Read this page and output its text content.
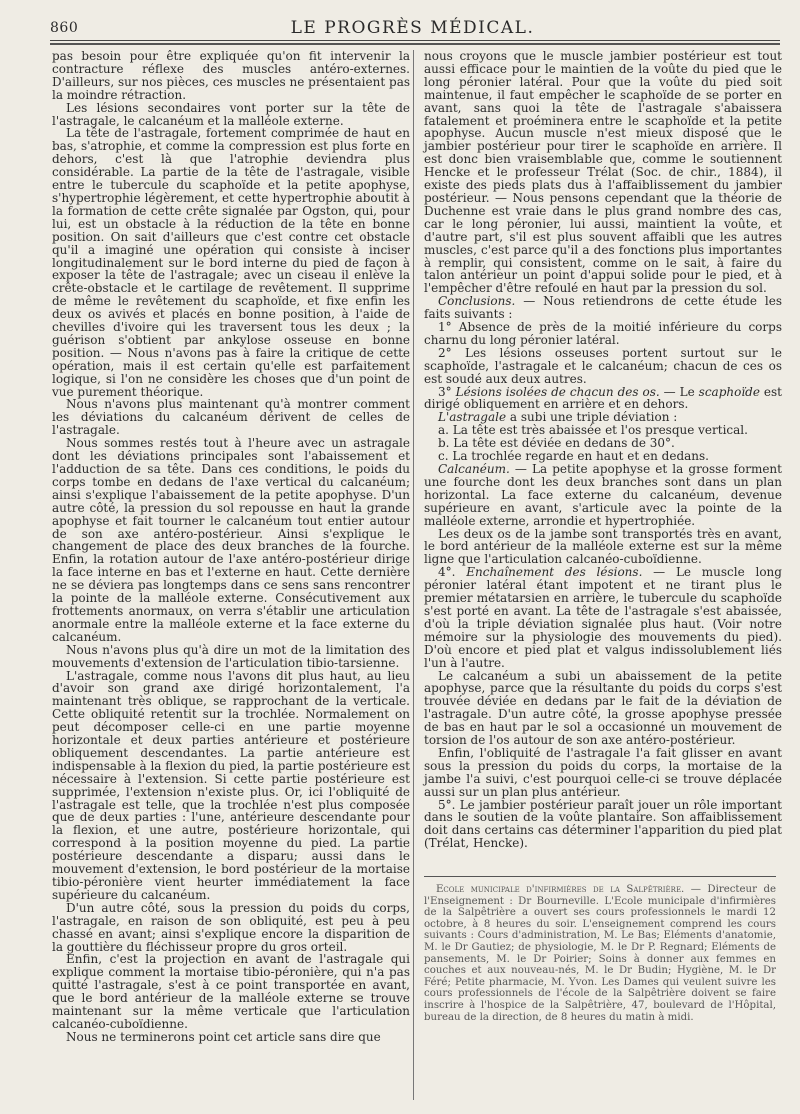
860	LE PROGRÈS MÉDICAL.

pas besoin pour être expliquée qu'on fit intervenir la contracture réflexe des muscles antéro-externes. D'ailleurs, sur nos pièces, ces muscles ne présentaient pas la moindre rétraction.

Les lésions secondaires vont porter sur la tête de l'astragale, le calcanéum et la malléole externe.

La tête de l'astragale, fortement comprimée de haut en bas, s'atrophie, et comme la compression est plus forte en dehors, c'est là que l'atrophie deviendra plus considérable. La partie de la tête de l'astragale, visible entre le tubercule du scaphoïde et la petite apophyse, s'hypertrophie légèrement, et cette hypertrophie aboutit à la formation de cette crête signalée par Ogston, qui, pour lui, est un obstacle à la réduction de la tête en bonne position. On sait d'ailleurs que c'est contre cet obstacle qu'il a imaginé une opération qui consiste à inciser longitudinalement sur le bord interne du pied de façon à exposer la tête de l'astragale; avec un ciseau il enlève la crête-obstacle et le cartilage de revêtement. Il supprime de même le revêtement du scaphoïde, et fixe enfin les deux os avivés et placés en bonne position, à l'aide de chevilles d'ivoire qui les traversent tous les deux ; la guérison s'obtient par ankylose osseuse en bonne position. — Nous n'avons pas à faire la critique de cette opération, mais il est certain qu'elle est parfaitement logique, si l'on ne considère les choses que d'un point de vue purement théorique.

Nous n'avons plus maintenant qu'à montrer comment les déviations du calcanéum dérivent de celles de l'astragale.

Nous sommes restés tout à l'heure avec un astragale dont les déviations principales sont l'abaissement et l'adduction de sa tête. Dans ces conditions, le poids du corps tombe en dedans de l'axe vertical du calcanéum; ainsi s'explique l'abaissement de la petite apophyse. D'un autre côté, la pression du sol repousse en haut la grande apophyse et fait tourner le calcanéum tout entier autour de son axe antéro-postérieur. Ainsi s'explique le changement de place des deux branches de la fourche. Enfin, la rotation autour de l'axe antéro-postérieur dirige la face interne en bas et l'externe en haut. Cette dernière ne se déviera pas longtemps dans ce sens sans rencontrer la pointe de la malléole externe. Consécutivement aux frottements anormaux, on verra s'établir une articulation anormale entre la malléole externe et la face externe du calcanéum.

Nous n'avons plus qu'à dire un mot de la limitation des mouvements d'extension de l'articulation tibio-tarsienne.

L'astragale, comme nous l'avons dit plus haut, au lieu d'avoir son grand axe dirigé horizontalement, l'a maintenant très oblique, se rapprochant de la verticale. Cette obliquité retentit sur la trochlée. Normalement on peut décomposer celle-ci en une partie moyenne horizontale et deux parties antérieure et postérieure obliquement descendantes. La partie antérieure est indispensable à la flexion du pied, la partie postérieure est nécessaire à l'extension. Si cette partie postérieure est supprimée, l'extension n'existe plus. Or, ici l'obliquité de l'astragale est telle, que la trochlée n'est plus composée que de deux parties : l'une, antérieure descendante pour la flexion, et une autre, postérieure horizontale, qui correspond à la position moyenne du pied. La partie postérieure descendante a disparu; aussi dans le mouvement d'extension, le bord postérieur de la mortaise tibio-péronière vient heurter immédiatement la face supérieure du calcanéum.

D'un autre côté, sous la pression du poids du corps, l'astragale, en raison de son obliquité, est peu à peu chassé en avant; ainsi s'explique encore la disparition de la gouttière du fléchisseur propre du gros orteil.

Enfin, c'est la projection en avant de l'astragale qui explique comment la mortaise tibio-péronière, qui n'a pas quitté l'astragale, s'est à ce point transportée en avant, que le bord antérieur de la malléole externe se trouve maintenant sur la même verticale que l'articulation calcanéo-cuboïdienne.

Nous ne terminerons point cet article sans dire que

nous croyons que le muscle jambier postérieur est tout aussi efficace pour le maintien de la voûte du pied que le long péronier latéral. Pour que la voûte du pied soit maintenue, il faut empêcher le scaphoïde de se porter en avant, sans quoi la tête de l'astragale s'abaissera fatalement et proéminera entre le scaphoïde et la petite apophyse. Aucun muscle n'est mieux disposé que le jambier postérieur pour tirer le scaphoïde en arrière. Il est donc bien vraisemblable que, comme le soutiennent Hencke et le professeur Trélat (Soc. de chir., 1884), il existe des pieds plats dus à l'affaiblissement du jambier postérieur. — Nous pensons cependant que la théorie de Duchenne est vraie dans le plus grand nombre des cas, car le long péronier, lui aussi, maintient la voûte, et d'autre part, s'il est plus souvent affaibli que les autres muscles, c'est parce qu'il a des fonctions plus importantes à remplir, qui consistent, comme on le sait, à faire du talon antérieur un point d'appui solide pour le pied, et à l'empêcher d'être refoulé en haut par la pression du sol.

Conclusions. — Nous retiendrons de cette étude les faits suivants :

1° Absence de près de la moitié inférieure du corps charnu du long péronier latéral.

2° Les lésions osseuses portent surtout sur le scaphoïde, l'astragale et le calcanéum; chacun de ces os est soudé aux deux autres.

3° Lésions isolées de chacun des os. — Le scaphoïde est dirigé obliquement en arrière et en dehors.

L'astragale a subi une triple déviation :

a. La tête est très abaissée et l'os presque vertical.

b. La tête est déviée en dedans de 30°.

c. La trochlée regarde en haut et en dedans.

Calcanéum. — La petite apophyse et la grosse forment une fourche dont les deux branches sont dans un plan horizontal. La face externe du calcanéum, devenue supérieure en avant, s'articule avec la pointe de la malléole externe, arrondie et hypertrophiée.

Les deux os de la jambe sont transportés très en avant, le bord antérieur de la malléole externe est sur la même ligne que l'articulation calcanéo-cuboïdienne.

4°. Enchaînement des lésions. — Le muscle long péronier latéral étant impotent et ne tirant plus le premier métatarsien en arrière, le tubercule du scaphoïde s'est porté en avant. La tête de l'astragale s'est abaissée, d'où la triple déviation signalée plus haut. (Voir notre mémoire sur la physiologie des mouvements du pied). D'où encore et pied plat et valgus indissolublement liés l'un à l'autre.

Le calcanéum a subi un abaissement de la petite apophyse, parce que la résultante du poids du corps s'est trouvée déviée en dedans par le fait de la déviation de l'astragale. D'un autre côté, la grosse apophyse pressée de bas en haut par le sol a occasionné un mouvement de torsion de l'os autour de son axe antéro-postérieur.

Enfin, l'obliquité de l'astragale l'a fait glisser en avant sous la pression du poids du corps, la mortaise de la jambe l'a suivi, c'est pourquoi celle-ci se trouve déplacée aussi sur un plan plus antérieur.

5°. Le jambier postérieur paraît jouer un rôle important dans le soutien de la voûte plantaire. Son affaiblissement doit dans certains cas déterminer l'apparition du pied plat (Trélat, Hencke).

Ecole municipale d'infirmières de la Salpêtrière. — Directeur de l'Enseignement : Dr Bourneville. L'Ecole municipale d'infirmières de la Salpêtrière a ouvert ses cours professionnels le mardi 12 octobre, à 8 heures du soir. L'enseignement comprend les cours suivants : Cours d'administration, M. Le Bas; Eléments d'anatomie, M. le Dr Gautiez; de physiologie, M. le Dr P. Regnard; Eléments de pansements, M. le Dr Poirier; Soins à donner aux femmes en couches et aux nouveau-nés, M. le Dr Budin; Hygiène, M. le Dr Féré; Petite pharmacie, M. Yvon. Les Dames qui veulent suivre les cours professionnels de l'école de la Salpêtrière doivent se faire inscrire à l'hospice de la Salpêtrière, 47, boulevard de l'Hôpital, bureau de la direction, de 8 heures du matin à midi.
